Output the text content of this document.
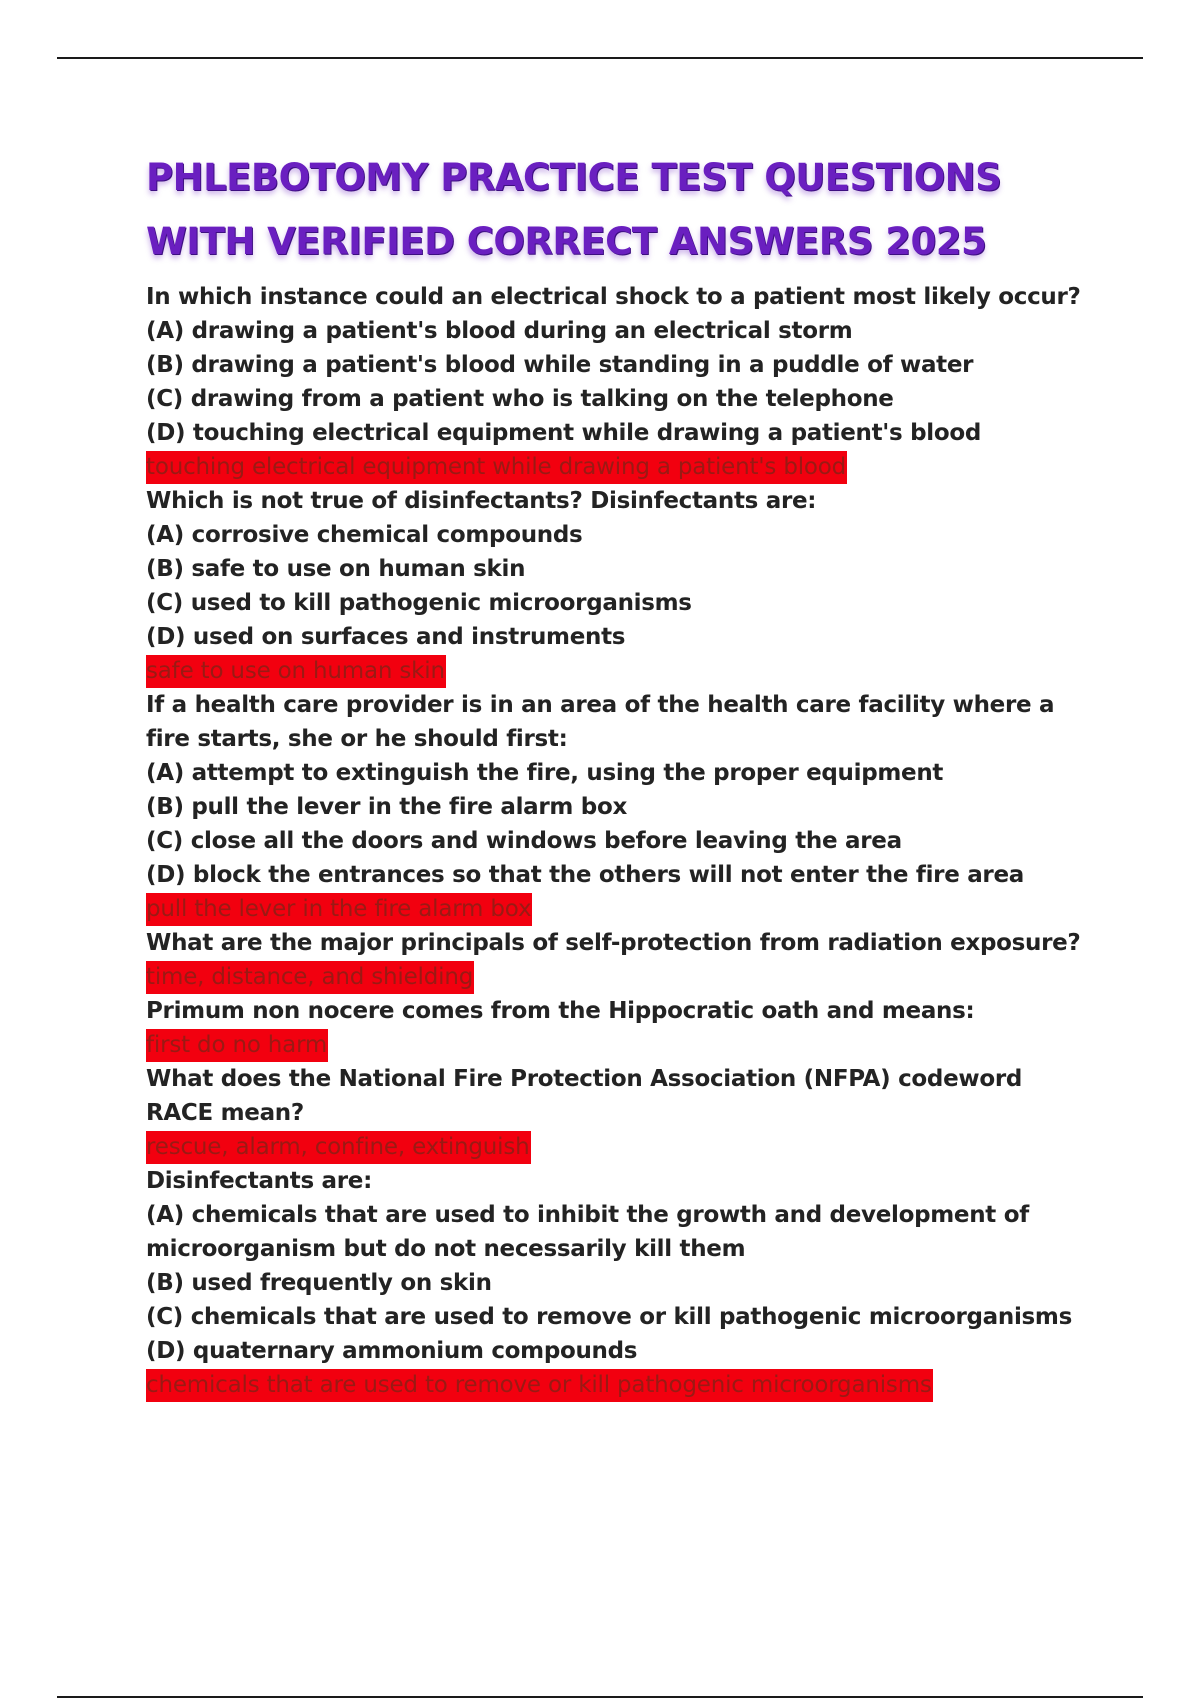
PHLEBOTOMY PRACTICE TEST QUESTIONS
WITH VERIFIED CORRECT ANSWERS 2025
In which instance could an electrical shock to a patient most likely occur?
(A) drawing a patient's blood during an electrical storm
(B) drawing a patient's blood while standing in a puddle of water
(C) drawing from a patient who is talking on the telephone
(D) touching electrical equipment while drawing a patient's blood
touching electrical equipment while drawing a patient's blood
Which is not true of disinfectants? Disinfectants are:
(A) corrosive chemical compounds
(B) safe to use on human skin
(C) used to kill pathogenic microorganisms
(D) used on surfaces and instruments
safe to use on human skin
If a health care provider is in an area of the health care facility where a
fire starts, she or he should first:
(A) attempt to extinguish the fire, using the proper equipment
(B) pull the lever in the fire alarm box
(C) close all the doors and windows before leaving the area
(D) block the entrances so that the others will not enter the fire area
pull the lever in the fire alarm box
What are the major principals of self-protection from radiation exposure?
time, distance, and shielding
Primum non nocere comes from the Hippocratic oath and means:
first do no harm
What does the National Fire Protection Association (NFPA) codeword
RACE mean?
rescue, alarm, confine, extinguish
Disinfectants are:
(A) chemicals that are used to inhibit the growth and development of
microorganism but do not necessarily kill them
(B) used frequently on skin
(C) chemicals that are used to remove or kill pathogenic microorganisms
(D) quaternary ammonium compounds
chemicals that are used to remove or kill pathogenic microorganisms
